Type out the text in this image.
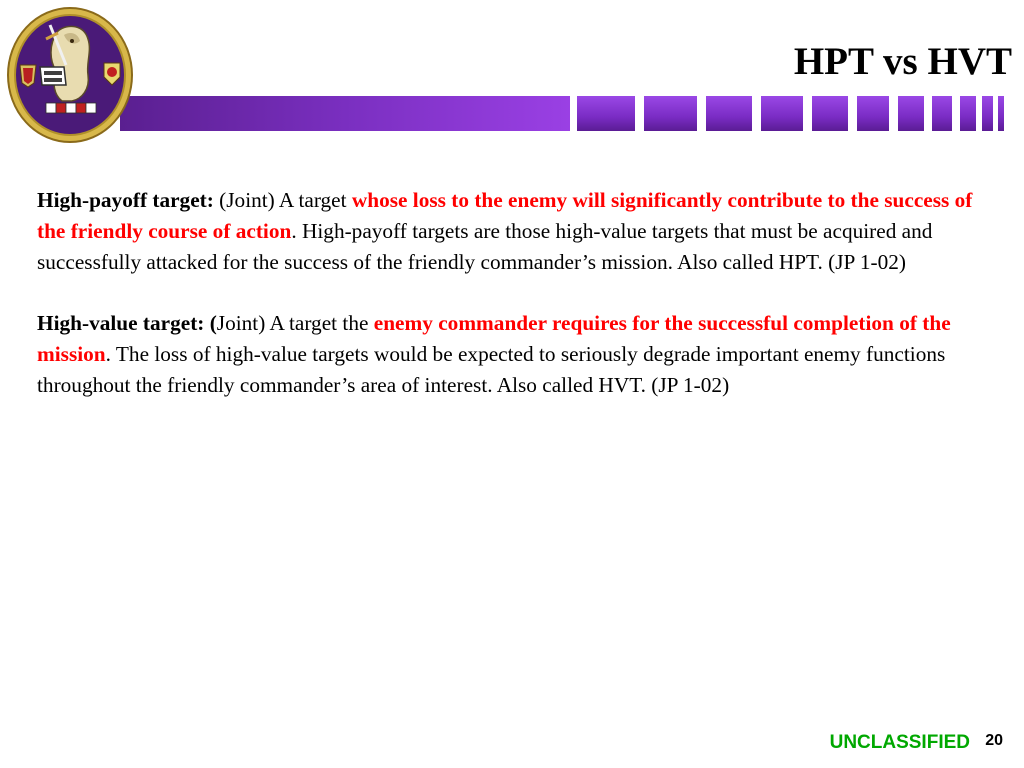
HPT vs HVT

High-payoff target: (Joint) A target whose loss to the enemy will significantly contribute to the success of the friendly course of action. High-payoff targets are those high-value targets that must be acquired and successfully attacked for the success of the friendly commander’s mission. Also called HPT. (JP 1-02)

High-value target: (Joint) A target the enemy commander requires for the successful completion of the mission. The loss of high-value targets would be expected to seriously degrade important enemy functions throughout the friendly commander’s area of interest. Also called HVT. (JP 1-02)

UNCLASSIFIED 20
